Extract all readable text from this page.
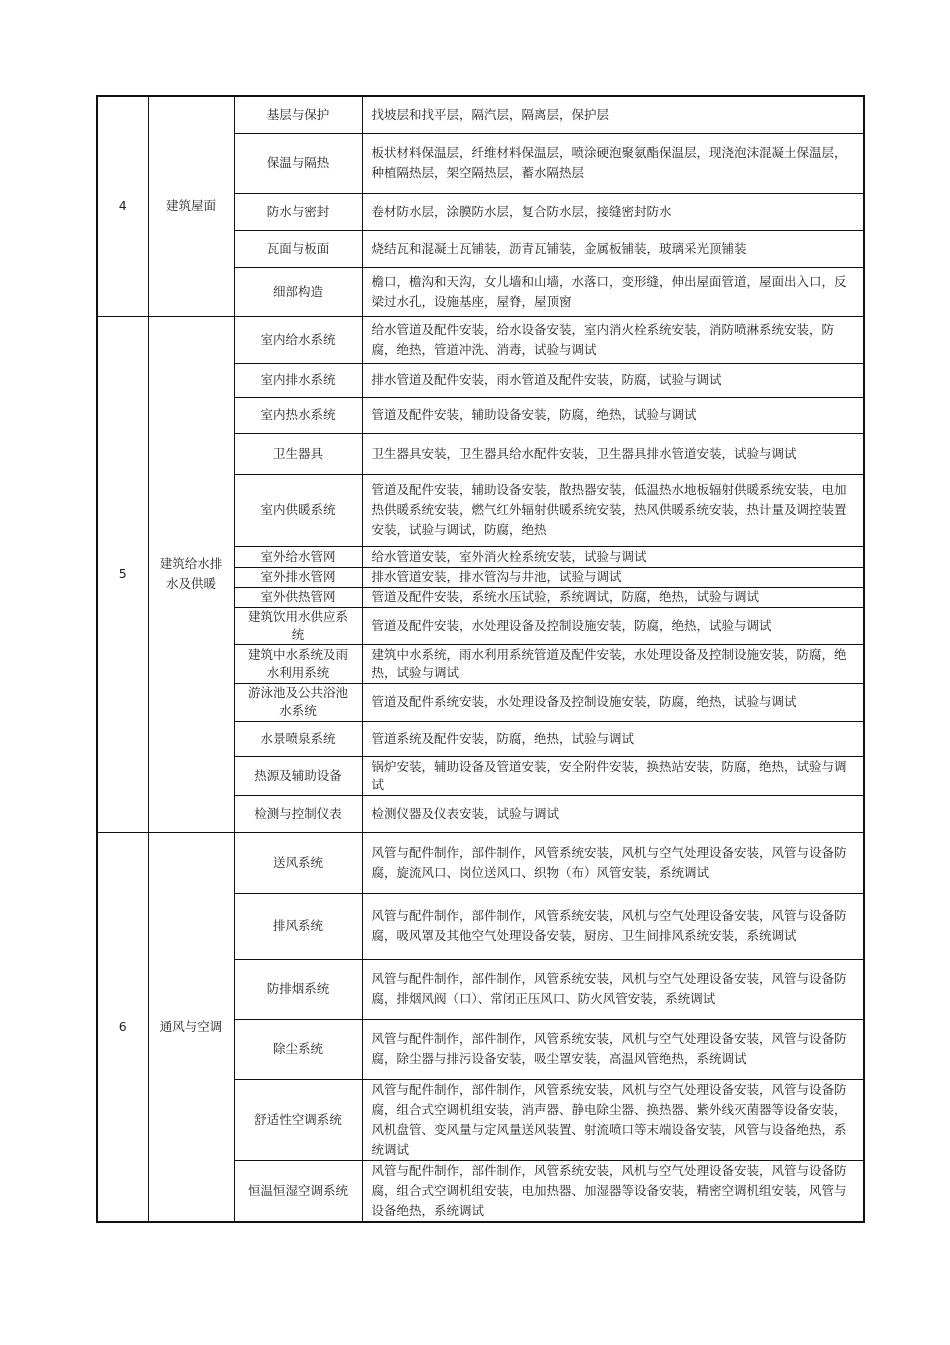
4	建筑屋面	基层与保护	找坡层和找平层，隔汽层，隔离层，保护层
		保温与隔热	板状材料保温层，纤维材料保温层，喷涂硬泡聚氨酯保温层，现浇泡沫混凝土保温层，种植隔热层，架空隔热层，蓄水隔热层
		防水与密封	卷材防水层，涂膜防水层，复合防水层，接缝密封防水
		瓦面与板面	烧结瓦和混凝土瓦铺装，沥青瓦铺装，金属板铺装，玻璃采光顶铺装
		细部构造	檐口，檐沟和天沟，女儿墙和山墙，水落口，变形缝，伸出屋面管道，屋面出入口，反梁过水孔，设施基座，屋脊，屋顶窗
5	建筑给水排水及供暖	室内给水系统	给水管道及配件安装，给水设备安装，室内消火栓系统安装，消防喷淋系统安装，防腐，绝热，管道冲洗、消毒，试验与调试
		室内排水系统	排水管道及配件安装，雨水管道及配件安装，防腐，试验与调试
		室内热水系统	管道及配件安装，辅助设备安装，防腐，绝热，试验与调试
		卫生器具	卫生器具安装，卫生器具给水配件安装，卫生器具排水管道安装，试验与调试
		室内供暖系统	管道及配件安装，辅助设备安装，散热器安装，低温热水地板辐射供暖系统安装，电加热供暖系统安装，燃气红外辐射供暖系统安装，热风供暖系统安装，热计量及调控装置安装，试验与调试，防腐，绝热
		室外给水管网	给水管道安装，室外消火栓系统安装，试验与调试
		室外排水管网	排水管道安装，排水管沟与井池，试验与调试
		室外供热管网	管道及配件安装，系统水压试验，系统调试，防腐，绝热，试验与调试
		建筑饮用水供应系统	管道及配件安装，水处理设备及控制设施安装，防腐，绝热，试验与调试
		建筑中水系统及雨水利用系统	建筑中水系统，雨水利用系统管道及配件安装，水处理设备及控制设施安装，防腐，绝热，试验与调试
		游泳池及公共浴池水系统	管道及配件系统安装，水处理设备及控制设施安装，防腐，绝热，试验与调试
		水景喷泉系统	管道系统及配件安装，防腐，绝热，试验与调试
		热源及辅助设备	锅炉安装，辅助设备及管道安装，安全附件安装，换热站安装，防腐，绝热，试验与调试
		检测与控制仪表	检测仪器及仪表安装，试验与调试
6	通风与空调	送风系统	风管与配件制作，部件制作，风管系统安装，风机与空气处理设备安装，风管与设备防腐，旋流风口、岗位送风口、织物（布）风管安装，系统调试
		排风系统	风管与配件制作，部件制作，风管系统安装，风机与空气处理设备安装，风管与设备防腐，吸风罩及其他空气处理设备安装，厨房、卫生间排风系统安装，系统调试
		防排烟系统	风管与配件制作，部件制作，风管系统安装，风机与空气处理设备安装，风管与设备防腐，排烟风阀（口）、常闭正压风口、防火风管安装，系统调试
		除尘系统	风管与配件制作，部件制作，风管系统安装，风机与空气处理设备安装，风管与设备防腐，除尘器与排污设备安装，吸尘罩安装，高温风管绝热，系统调试
		舒适性空调系统	风管与配件制作，部件制作，风管系统安装，风机与空气处理设备安装，风管与设备防腐，组合式空调机组安装，消声器、静电除尘器、换热器、紫外线灭菌器等设备安装，风机盘管、变风量与定风量送风装置、射流喷口等末端设备安装，风管与设备绝热，系统调试
		恒温恒湿空调系统	风管与配件制作，部件制作，风管系统安装，风机与空气处理设备安装，风管与设备防腐，组合式空调机组安装，电加热器、加湿器等设备安装，精密空调机组安装，风管与设备绝热，系统调试
